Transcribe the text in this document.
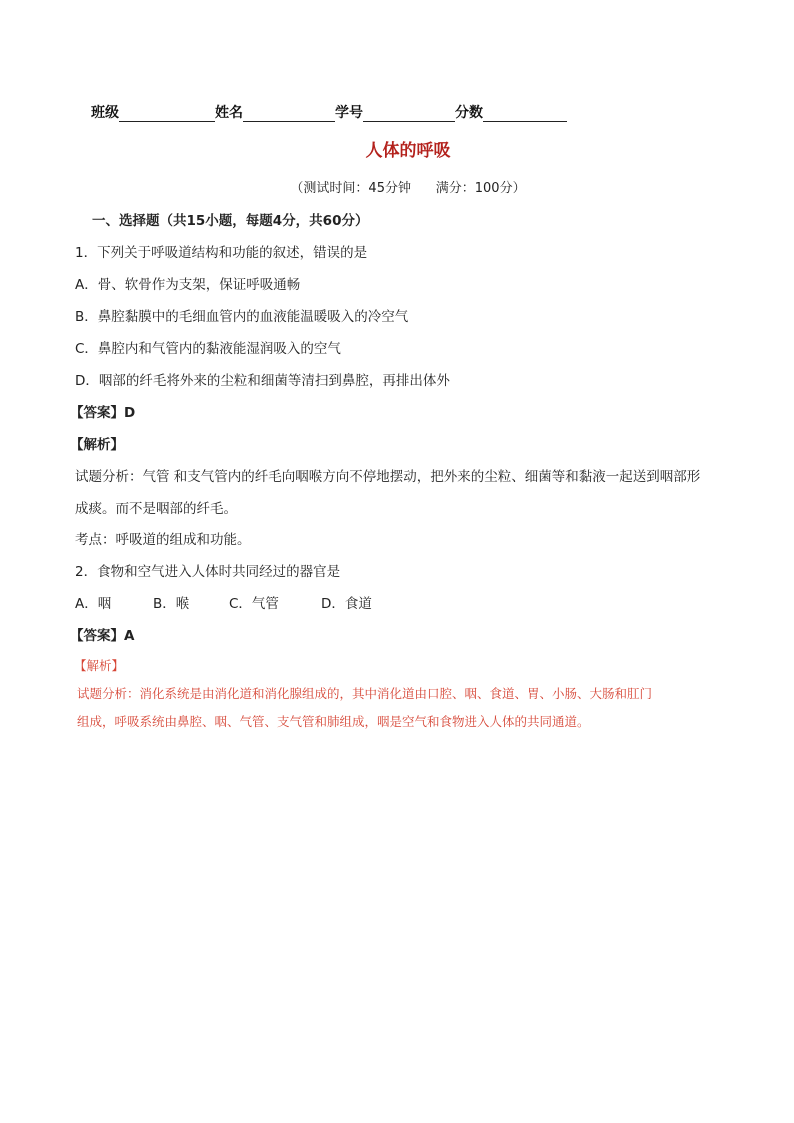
班级	姓名	学号	分数
人体的呼吸
（测试时间：45分钟      满分：100分）
一、选择题（共15小题，每题4分，共60分）
1．下列关于呼吸道结构和功能的叙述，错误的是
A．骨、软骨作为支架，保证呼吸通畅
B．鼻腔黏膜中的毛细血管内的血液能温暖吸入的冷空气
C．鼻腔内和气管内的黏液能湿润吸入的空气
D．咽部的纤毛将外来的尘粒和细菌等清扫到鼻腔，再排出体外
【答案】D
【解析】
试题分析：气管 和支气管内的纤毛向咽喉方向不停地摆动，把外来的尘粒、细菌等和黏液一起送到咽部形
成痰。而不是咽部的纤毛。
考点：呼吸道的组成和功能。
2．食物和空气进入人体时共同经过的器官是
A．咽	B．喉	C．气管	D．食道
【答案】A
【解析】
试题分析：消化系统是由消化道和消化腺组成的，其中消化道由口腔、咽、食道、胃、小肠、大肠和肛门
组成，呼吸系统由鼻腔、咽、气管、支气管和肺组成，咽是空气和食物进入人体的共同通道。
